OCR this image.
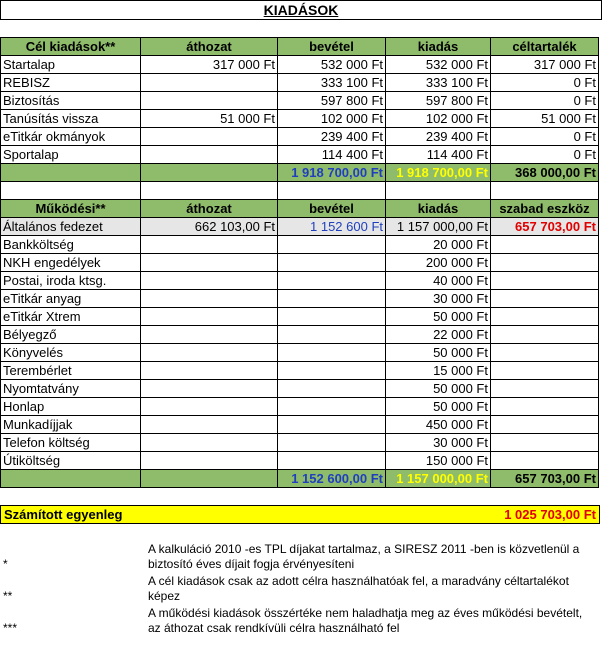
KIADÁSOK
Cél kiadások**	áthozat	bevétel	kiadás	céltartalék
Startalap	317 000 Ft	532 000 Ft	532 000 Ft	317 000 Ft
REBISZ		333 100 Ft	333 100 Ft	0 Ft
Biztosítás		597 800 Ft	597 800 Ft	0 Ft
Tanúsítás vissza	51 000 Ft	102 000 Ft	102 000 Ft	51 000 Ft
eTitkár okmányok		239 400 Ft	239 400 Ft	0 Ft
Sportalap		114 400 Ft	114 400 Ft	0 Ft
		1 918 700,00 Ft	1 918 700,00 Ft	368 000,00 Ft

Működési**	áthozat	bevétel	kiadás	szabad eszköz
Általános fedezet	662 103,00 Ft	1 152 600 Ft	1 157 000,00 Ft	657 703,00 Ft
Bankköltség			20 000 Ft	
NKH engedélyek			200 000 Ft	
Postai, iroda ktsg.			40 000 Ft	
eTitkár anyag			30 000 Ft	
eTitkár Xtrem			50 000 Ft	
Bélyegző			22 000 Ft	
Könyvelés			50 000 Ft	
Terembérlet			15 000 Ft	
Nyomtatvány			50 000 Ft	
Honlap			50 000 Ft	
Munkadíjjak			450 000 Ft	
Telefon költség			30 000 Ft	
Útiköltség			150 000 Ft	
		1 152 600,00 Ft	1 157 000,00 Ft	657 703,00 Ft
Számított egyenleg	1 025 703,00 Ft
*
A kalkuláció 2010 -es TPL díjakat tartalmaz, a SIRESZ 2011 -ben is közvetlenül a biztosító éves díjait fogja érvényesíteni
**
A cél kiadások csak az adott célra használhatóak fel, a maradvány céltartalékot képez
***
A működési kiadások összértéke nem haladhatja meg az éves működési bevételt, az áthozat csak rendkívüli célra használható fel
